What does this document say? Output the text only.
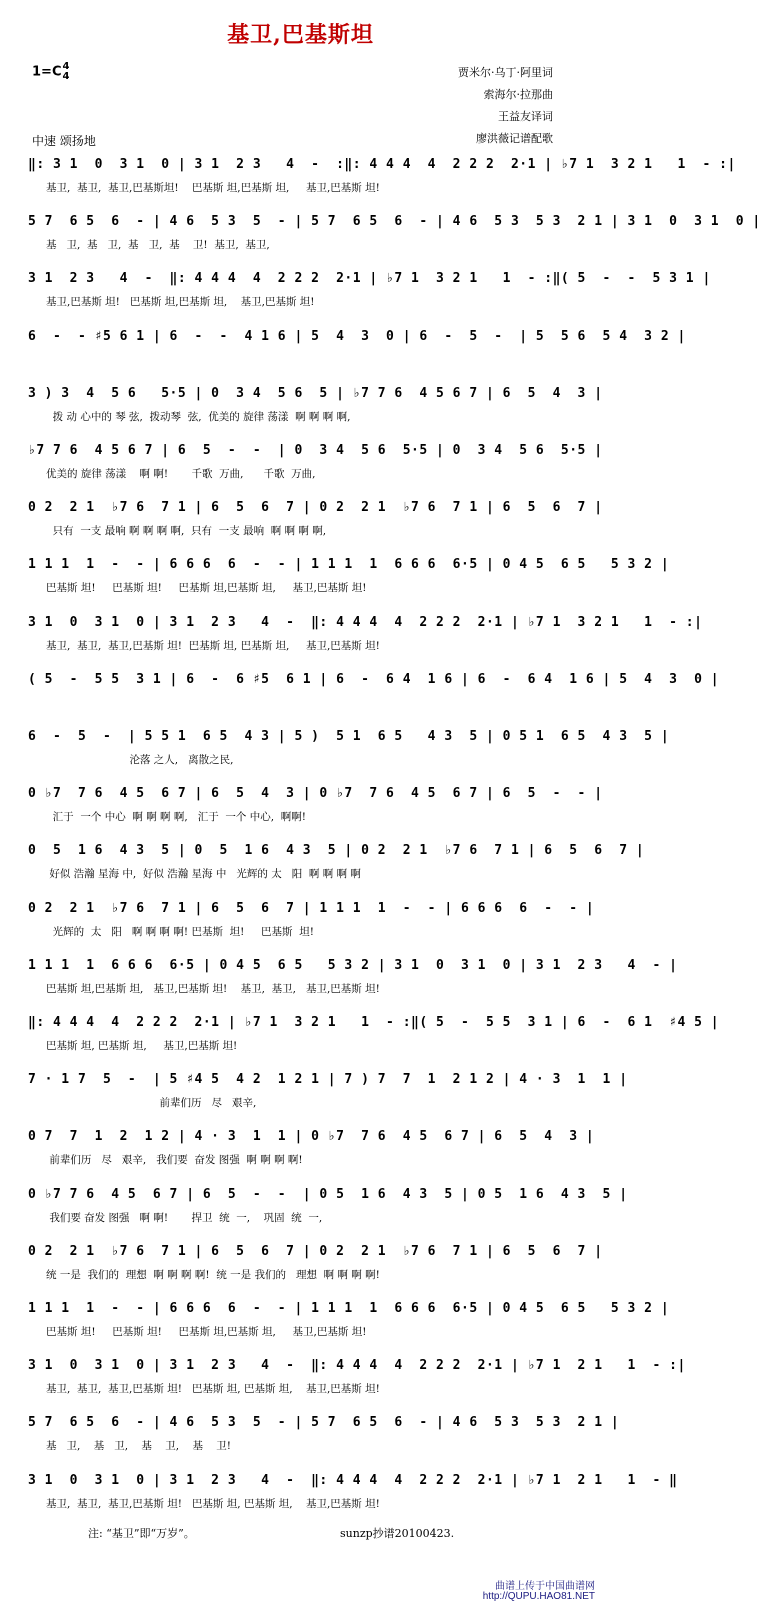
基卫,巴基斯坦
1=C 4
4	贾米尔·乌丁·阿里词
索海尔·拉那曲
王益友译词
廖洪薇记谱配歌
中速 颂扬地
‖: 3 1  0  3 1  0 | 3 1  2 3   4  -  :‖: 4 4 4  4  2 2 2  2·1 | ♭7 1  3 2 1   1  - :|
基卫,  基卫,  基卫,巴基斯坦!    巴基斯 坦,巴基斯 坦,     基卫,巴基斯 坦!
5 7  6 5  6  - | 4 6  5 3  5  - | 5 7  6 5  6  - | 4 6  5 3  5 3  2 1 | 3 1  0  3 1  0 |
基   卫,  基   卫,  基   卫,  基    卫!  基卫,  基卫,
3 1  2 3   4  -  ‖: 4 4 4  4  2 2 2  2·1 | ♭7 1  3 2 1   1  - :‖( 5  -  -  5 3 1 |
基卫,巴基斯 坦!   巴基斯 坦,巴基斯 坦,    基卫,巴基斯 坦!
6  -  - ♯5 6 1 | 6  -  -  4 1 6 | 5  4  3  0 | 6  -  5  -  | 5  5 6  5 4  3 2 |
3 ) 3  4  5 6   5·5 | 0  3 4  5 6  5 | ♭7 7 6  4 5 6 7 | 6  5  4  3 |
拨 动 心中的 琴 弦,  拨动琴  弦,  优美的 旋律 荡漾  啊 啊 啊 啊,
♭7 7 6  4 5 6 7 | 6  5  -  -  | 0  3 4  5 6  5·5 | 0  3 4  5 6  5·5 |
优美的 旋律 荡漾    啊 啊!       千歌  万曲,      千歌  万曲,
0 2  2 1  ♭7 6  7 1 | 6  5  6  7 | 0 2  2 1  ♭7 6  7 1 | 6  5  6  7 |
只有  一支 最响 啊 啊 啊 啊,  只有  一支 最响  啊 啊 啊 啊,
1 1 1  1  -  - | 6 6 6  6  -  - | 1 1 1  1  6 6 6  6·5 | 0 4 5  6 5   5 3 2 |
巴基斯 坦!     巴基斯 坦!     巴基斯 坦,巴基斯 坦,     基卫,巴基斯 坦!
3 1  0  3 1  0 | 3 1  2 3   4  -  ‖: 4 4 4  4  2 2 2  2·1 | ♭7 1  3 2 1   1  - :|
基卫,  基卫,  基卫,巴基斯 坦!  巴基斯 坦, 巴基斯 坦,     基卫,巴基斯 坦!
( 5  -  5 5  3 1 | 6  -  6 ♯5  6 1 | 6  -  6 4  1 6 | 6  -  6 4  1 6 | 5  4  3  0 |
6  -  5  -  | 5 5 1  6 5  4 3 | 5 )  5 1  6 5   4 3  5 | 0 5 1  6 5  4 3  5 |
沦落 之人,   离散之民,
0 ♭7  7 6  4 5  6 7 | 6  5  4  3 | 0 ♭7  7 6  4 5  6 7 | 6  5  -  - |
汇于  一个 中心  啊 啊 啊 啊,   汇于  一个 中心,  啊啊!
0  5  1 6  4 3  5 | 0  5  1 6  4 3  5 | 0 2  2 1  ♭7 6  7 1 | 6  5  6  7 |
好似 浩瀚 星海 中,  好似 浩瀚 星海 中   光辉的 太   阳  啊 啊 啊 啊
0 2  2 1  ♭7 6  7 1 | 6  5  6  7 | 1 1 1  1  -  - | 6 6 6  6  -  - |
光辉的  太   阳   啊 啊 啊 啊! 巴基斯  坦!     巴基斯  坦!
1 1 1  1  6 6 6  6·5 | 0 4 5  6 5   5 3 2 | 3 1  0  3 1  0 | 3 1  2 3   4  - |
巴基斯 坦,巴基斯 坦,   基卫,巴基斯 坦!    基卫,  基卫,   基卫,巴基斯 坦!
‖: 4 4 4  4  2 2 2  2·1 | ♭7 1  3 2 1   1  - :‖( 5  -  5 5  3 1 | 6  -  6 1  ♯4 5 |
巴基斯 坦, 巴基斯 坦,     基卫,巴基斯 坦!
7 · 1 7  5  -  | 5 ♯4 5  4 2  1 2 1 | 7 ) 7  7  1  2 1 2 | 4 · 3  1  1 |
前辈们历   尽   艰辛,
0 7  7  1  2  1 2 | 4 · 3  1  1 | 0 ♭7  7 6  4 5  6 7 | 6  5  4  3 |
前辈们历   尽   艰辛,   我们要  奋发 图强  啊 啊 啊 啊!
0 ♭7 7 6  4 5  6 7 | 6  5  -  -  | 0 5  1 6  4 3  5 | 0 5  1 6  4 3  5 |
我们要 奋发 图强   啊 啊!       捍卫  统  一,    巩固  统  一,
0 2  2 1  ♭7 6  7 1 | 6  5  6  7 | 0 2  2 1  ♭7 6  7 1 | 6  5  6  7 |
统 一是  我们的  理想  啊 啊 啊 啊!  统 一是 我们的   理想  啊 啊 啊 啊!
1 1 1  1  -  - | 6 6 6  6  -  - | 1 1 1  1  6 6 6  6·5 | 0 4 5  6 5   5 3 2 |
巴基斯 坦!     巴基斯 坦!     巴基斯 坦,巴基斯 坦,     基卫,巴基斯 坦!
3 1  0  3 1  0 | 3 1  2 3   4  -  ‖: 4 4 4  4  2 2 2  2·1 | ♭7 1  2 1   1  - :|
基卫,  基卫,  基卫,巴基斯 坦!   巴基斯 坦, 巴基斯 坦,    基卫,巴基斯 坦!
5 7  6 5  6  - | 4 6  5 3  5  - | 5 7  6 5  6  - | 4 6  5 3  5 3  2 1 |
基   卫,    基   卫,    基    卫,    基    卫!
3 1  0  3 1  0 | 3 1  2 3   4  -  ‖: 4 4 4  4  2 2 2  2·1 | ♭7 1  2 1   1  - ‖
基卫,  基卫,  基卫,巴基斯 坦!   巴基斯 坦, 巴基斯 坦,    基卫,巴基斯 坦!
注: “基卫”即“万岁”。	sunzp抄谱20100423.
曲谱上传于中国曲谱网
http://QUPU.HAO81.NET
